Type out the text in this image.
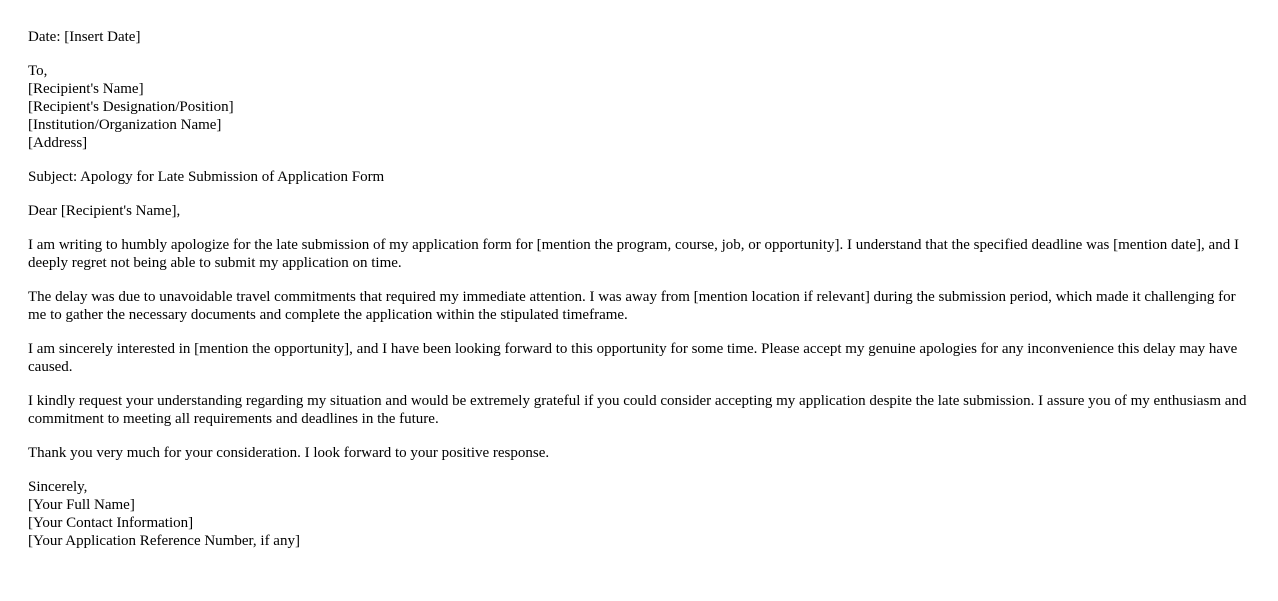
Date: [Insert Date]
To,
[Recipient's Name]
[Recipient's Designation/Position]
[Institution/Organization Name]
[Address]
Subject: Apology for Late Submission of Application Form
Dear [Recipient's Name],

I am writing to humbly apologize for the late submission of my application form for [mention the program, course, job, or opportunity]. I understand that the specified deadline was [mention date], and I deeply regret not being able to submit my application on time.

The delay was due to unavoidable travel commitments that required my immediate attention. I was away from [mention location if relevant] during the submission period, which made it challenging for me to gather the necessary documents and complete the application within the stipulated timeframe.

I am sincerely interested in [mention the opportunity], and I have been looking forward to this opportunity for some time. Please accept my genuine apologies for any inconvenience this delay may have caused.

I kindly request your understanding regarding my situation and would be extremely grateful if you could consider accepting my application despite the late submission. I assure you of my enthusiasm and commitment to meeting all requirements and deadlines in the future.

Thank you very much for your consideration. I look forward to your positive response.

Sincerely,
[Your Full Name]
[Your Contact Information]
[Your Application Reference Number, if any]
